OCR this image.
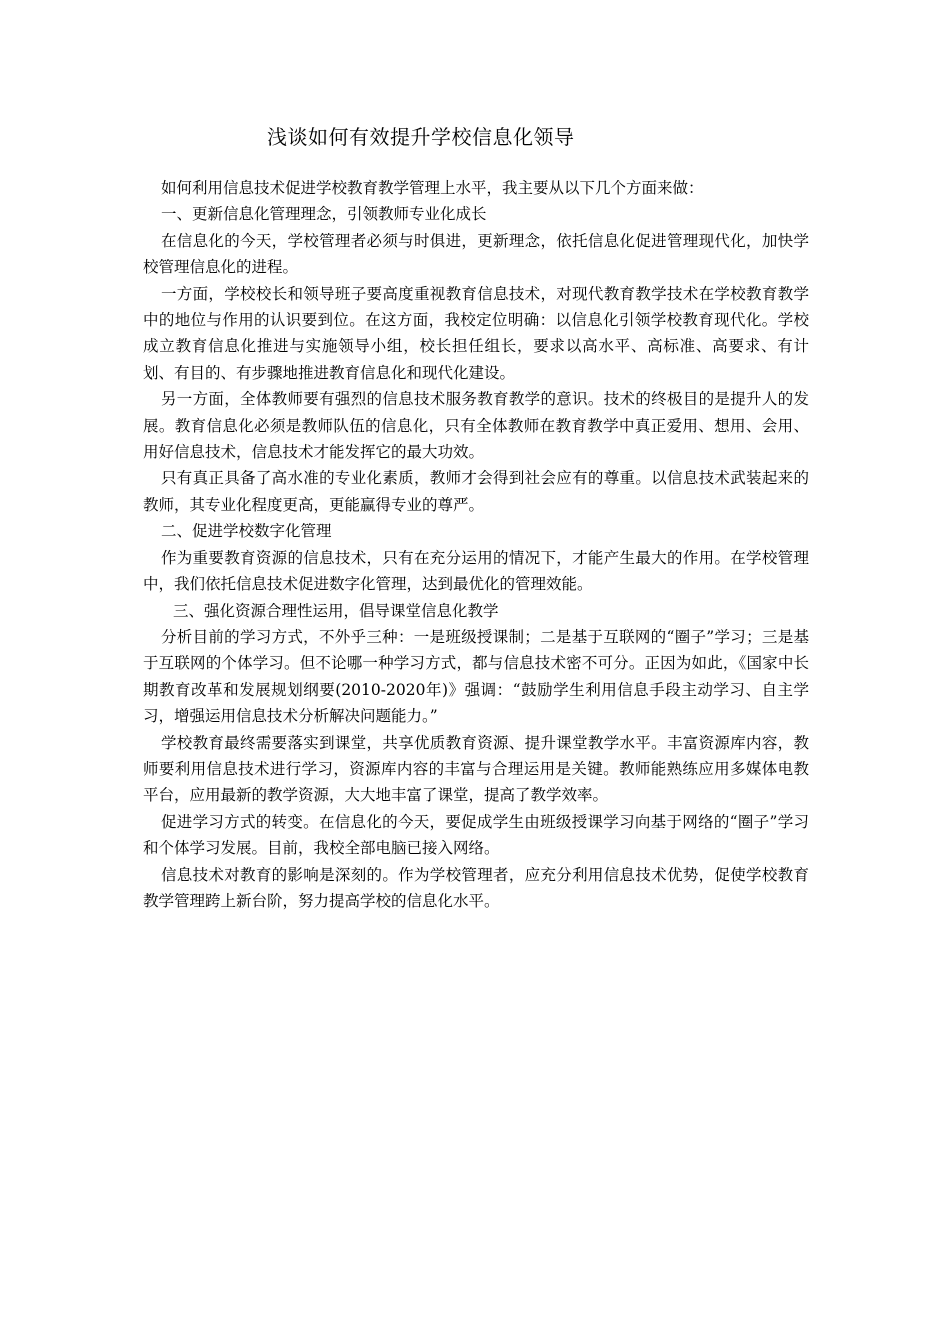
浅谈如何有效提升学校信息化领导

如何利用信息技术促进学校教育教学管理上水平，我主要从以下几个方面来做：

一、更新信息化管理理念，引领教师专业化成长

在信息化的今天，学校管理者必须与时俱进，更新理念，依托信息化促进管理现代化，加快学校管理信息化的进程。

一方面，学校校长和领导班子要高度重视教育信息技术，对现代教育教学技术在学校教育教学中的地位与作用的认识要到位。在这方面，我校定位明确：以信息化引领学校教育现代化。学校成立教育信息化推进与实施领导小组，校长担任组长，要求以高水平、高标准、高要求、有计划、有目的、有步骤地推进教育信息化和现代化建设。

另一方面，全体教师要有强烈的信息技术服务教育教学的意识。技术的终极目的是提升人的发展。教育信息化必须是教师队伍的信息化，只有全体教师在教育教学中真正爱用、想用、会用、用好信息技术，信息技术才能发挥它的最大功效。

只有真正具备了高水准的专业化素质，教师才会得到社会应有的尊重。以信息技术武装起来的教师，其专业化程度更高，更能赢得专业的尊严。

二、促进学校数字化管理

作为重要教育资源的信息技术，只有在充分运用的情况下，才能产生最大的作用。在学校管理中，我们依托信息技术促进数字化管理，达到最优化的管理效能。

三、强化资源合理性运用，倡导课堂信息化教学

分析目前的学习方式，不外乎三种：一是班级授课制；二是基于互联网的“圈子”学习；三是基于互联网的个体学习。但不论哪一种学习方式，都与信息技术密不可分。正因为如此，《国家中长期教育改革和发展规划纲要(2010-2020年)》强调：“鼓励学生利用信息手段主动学习、自主学习，增强运用信息技术分析解决问题能力。”

学校教育最终需要落实到课堂，共享优质教育资源、提升课堂教学水平。丰富资源库内容，教师要利用信息技术进行学习，资源库内容的丰富与合理运用是关键。教师能熟练应用多媒体电教平台，应用最新的教学资源，大大地丰富了课堂，提高了教学效率。

促进学习方式的转变。在信息化的今天，要促成学生由班级授课学习向基于网络的“圈子”学习和个体学习发展。目前，我校全部电脑已接入网络。

信息技术对教育的影响是深刻的。作为学校管理者，应充分利用信息技术优势，促使学校教育教学管理跨上新台阶，努力提高学校的信息化水平。
